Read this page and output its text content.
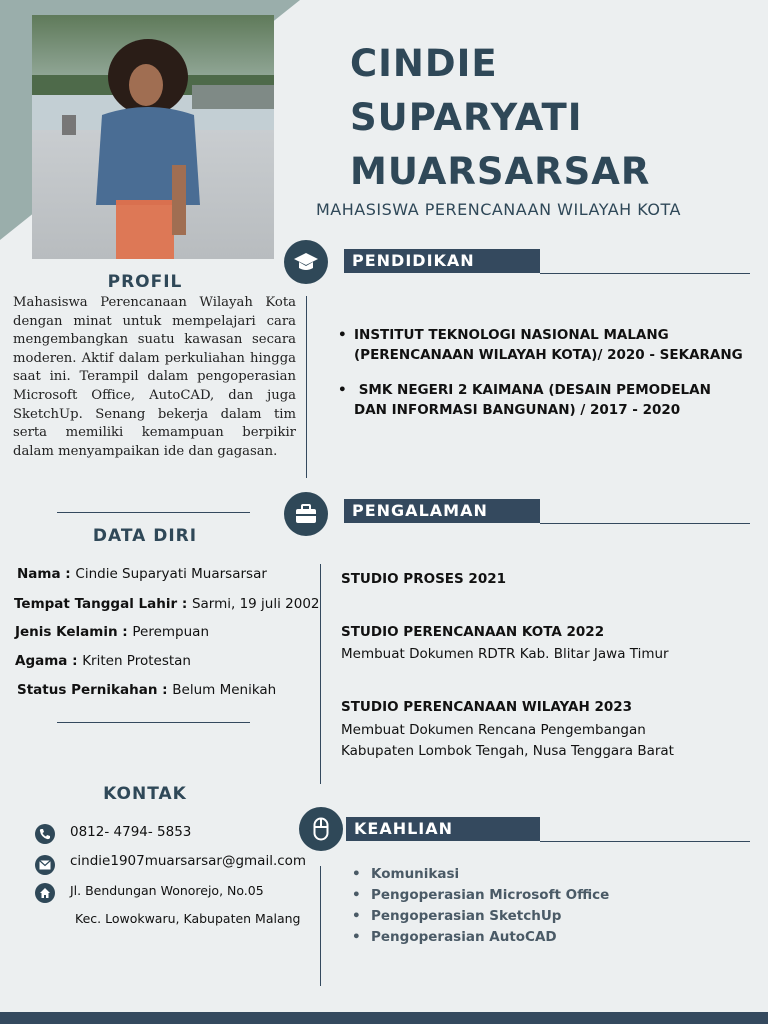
CINDIE
SUPARYATI
MUARSARSAR
MAHASISWA PERENCANAAN WILAYAH KOTA
PENDIDIKAN
PROFIL
Mahasiswa Perencanaan Wilayah Kota dengan minat untuk mempelajari cara mengembangkan suatu kawasan secara moderen. Aktif dalam perkuliahan hingga saat ini. Terampil dalam pengoperasian Microsoft Office, AutoCAD, dan juga SketchUp. Senang bekerja dalam tim serta memiliki kemampuan berpikir dalam menyampaikan ide dan gagasan.
• INSTITUT TEKNOLOGI NASIONAL MALANG
(PERENCANAAN WILAYAH KOTA)/ 2020 - SEKARANG
• SMK NEGERI 2 KAIMANA (DESAIN PEMODELAN
DAN INFORMASI BANGUNAN) / 2017 - 2020
PENGALAMAN
DATA DIRI
Nama : Cindie Suparyati Muarsarsar
Tempat Tanggal Lahir : Sarmi, 19 juli 2002
Jenis Kelamin : Perempuan
Agama : Kriten Protestan
Status Pernikahan : Belum Menikah
STUDIO PROSES 2021
STUDIO PERENCANAAN KOTA 2022
Membuat Dokumen RDTR Kab. Blitar Jawa Timur
STUDIO PERENCANAAN WILAYAH 2023
Membuat Dokumen Rencana Pengembangan
Kabupaten Lombok Tengah, Nusa Tenggara Barat
KONTAK
0812- 4794- 5853
cindie1907muarsarsar@gmail.com
Jl. Bendungan Wonorejo, No.05
Kec. Lowokwaru, Kabupaten Malang
KEAHLIAN
• Komunikasi
• Pengoperasian Microsoft Office
• Pengoperasian SketchUp
• Pengoperasian AutoCAD
